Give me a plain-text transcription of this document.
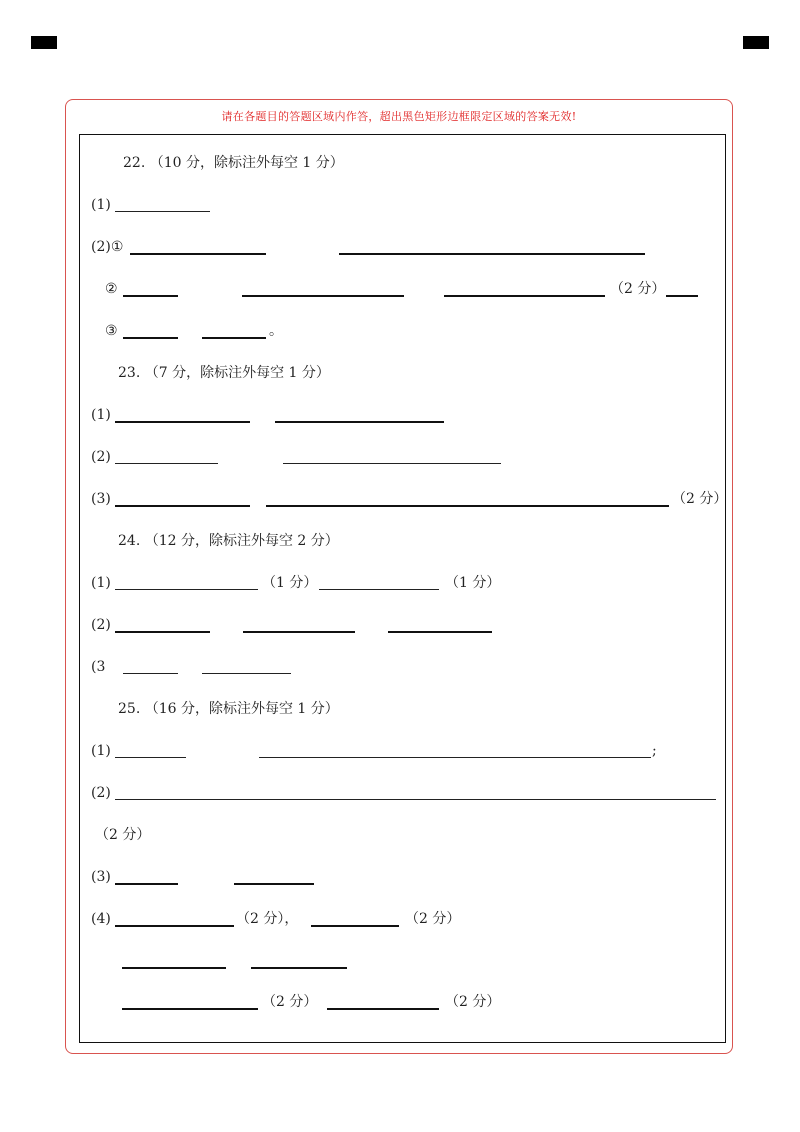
请在各题目的答题区域内作答，超出黑色矩形边框限定区域的答案无效!
22. （10 分，除标注外每空 1 分）
(1)
(2)①
②	（2 分）
③	。
23. （7 分，除标注外每空 1 分）
(1)
(2)
(3)	（2 分）
24. （12 分，除标注外每空 2 分）
(1)	（1 分）	（1 分）
(2)
(3
25. （16 分，除标注外每空 1 分）
(1)	;
(2)
（2 分）
(3)
(4)	（2 分），	（2 分）
（2 分）	（2 分）
